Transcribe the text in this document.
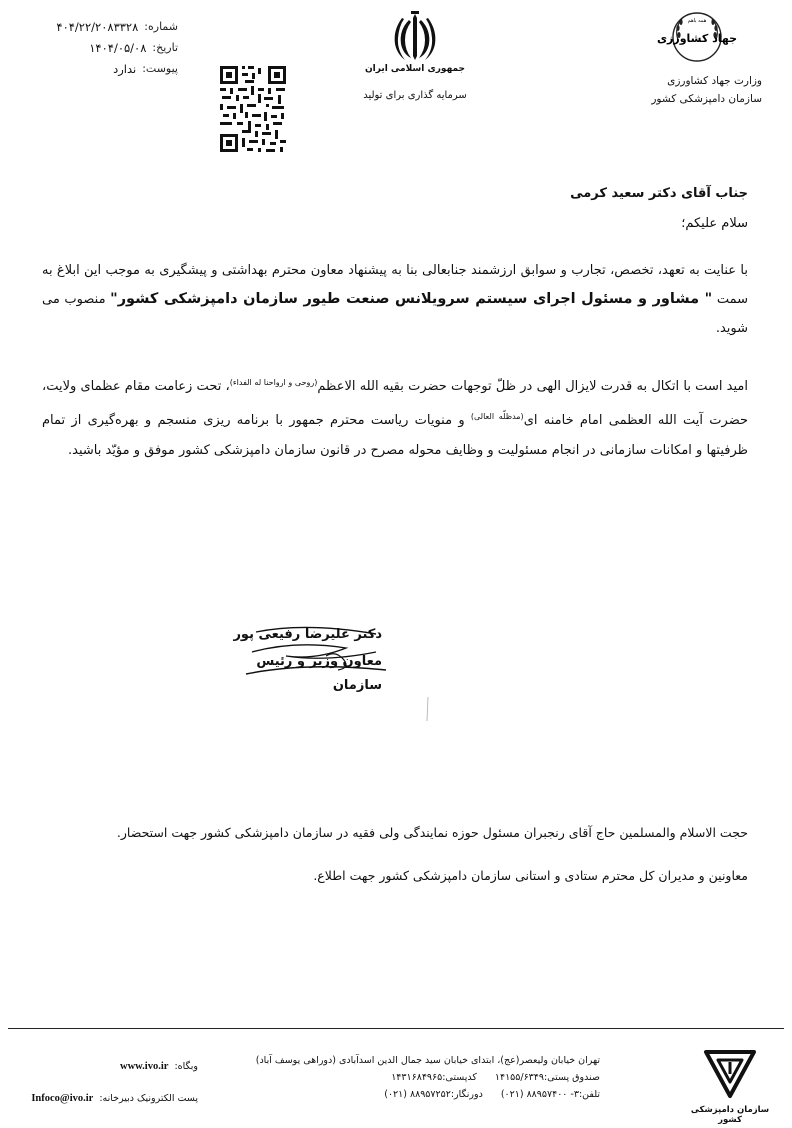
همه باهم
جهاد کشاورزی
وزارت جهاد کشاورزی
سازمان دامپزشکی کشور
جمهوری اسلامی ایران
سرمایه گذاری برای تولید
شماره:
۴۰۴/۲۲/۲۰۸۳۳۲۸
تاریخ:
۱۴۰۴/۰۵/۰۸
پیوست:
ندارد
جناب آقای دکتر سعید کرمی
سلام علیکم؛
با عنایت به تعهد، تخصص، تجارب و سوابق ارزشمند جنابعالی بنا به پیشنهاد معاون محترم بهداشتی و پیشگیری به موجب این ابلاغ به سمت " مشاور و مسئول اجرای سیستم سرویلانس صنعت طیور سازمان دامپزشکی کشور" منصوب می شوید.
امید است با اتکال به قدرت لایزال الهی در ظلّ توجهات حضرت بقیه الله الاعظم$^{(روحی و ارواحنا له الفداء)}$، تحت زعامت مقام عظمای ولایت، حضرت آیت الله العظمی امام خامنه ای$^{(مدظلّه العالی)}$ و منویات ریاست محترم جمهور با برنامه ریزی منسجم و بهره‌گیری از تمام ظرفیتها و امکانات سازمانی در انجام مسئولیت و وظایف محوله مصرح در قانون سازمان دامپزشکی کشور موفق و مؤیّد باشید.
دکتر علیرضا رفیعی پور
معاون وزیر و رئیس سازمان
حجت الاسلام والمسلمین حاج آقای رنجبران مسئول حوزه نمایندگی ولی فقیه در سازمان دامپزشکی کشور جهت استحضار.
معاونین و مدیران کل محترم ستادی و استانی سازمان دامپزشکی کشور جهت اطلاع.
سازمان دامپزشکی کشور
تهران خیابان ولیعصر(عج)، ابتدای خیابان سید جمال الدین اسدآبادی (دوراهی یوسف آباد)
صندوق پستی:
۱۴۱۵۵/۶۳۴۹
کدپستی:
۱۴۳۱۶۸۴۹۶۵
تلفن:
۳- ۸۸۹۵۷۴۰۰ (۰۲۱)
دورنگار:
۸۸۹۵۷۲۵۲ (۰۲۱)
وبگاه:
www.ivo.ir
پست الکترونیک دبیرخانه:
Infoco@ivo.ir
